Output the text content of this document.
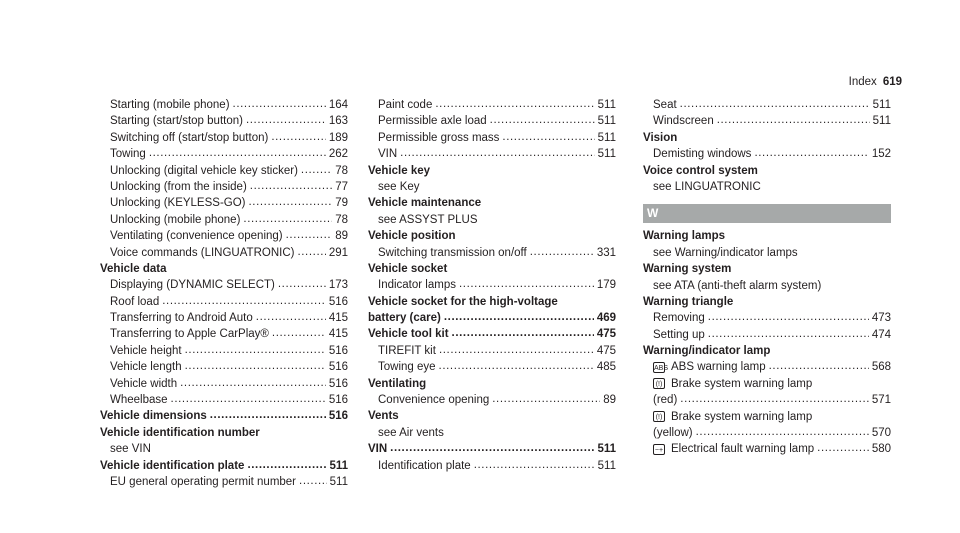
Index 619
Starting (mobile phone) .....	164
Starting (start/stop button) .....	163
Switching off (start/stop button) .....	189
Towing .....	262
Unlocking (digital vehicle key sticker) .....	78
Unlocking (from the inside) .....	77
Unlocking (KEYLESS-GO) .....	79
Unlocking (mobile phone) .....	78
Ventilating (convenience opening) .....	89
Voice commands (LINGUATRONIC) .....	291
Vehicle data
Displaying (DYNAMIC SELECT) .....	173
Roof load .....	516
Transferring to Android Auto .....	415
Transferring to Apple CarPlay® .....	415
Vehicle height .....	516
Vehicle length .....	516
Vehicle width .....	516
Wheelbase .....	516
Vehicle dimensions .....	516
Vehicle identification number
see VIN
Vehicle identification plate .....	511
EU general operating permit number .....	511
Paint code .....	511
Permissible axle load .....	511
Permissible gross mass .....	511
VIN .....	511
Vehicle key
see Key
Vehicle maintenance
see ASSYST PLUS
Vehicle position
Switching transmission on/off .....	331
Vehicle socket
Indicator lamps .....	179
Vehicle socket for the high-voltage
battery (care) .....	469
Vehicle tool kit .....	475
TIREFIT kit .....	475
Towing eye .....	485
Ventilating
Convenience opening .....	89
Vents
see Air vents
VIN .....	511
Identification plate .....	511
Seat .....	511
Windscreen .....	511
Vision
Demisting windows .....	152
Voice control system
see LINGUATRONIC
W
Warning lamps
see Warning/indicator lamps
Warning system
see ATA (anti-theft alarm system)
Warning triangle
Removing .....	473
Setting up .....	474
Warning/indicator lamp
ABS ABS warning lamp .....	568
(!) Brake system warning lamp
(red) .....	571
(!) Brake system warning lamp
(yellow) .....	570
−+ Electrical fault warning lamp .....	580
